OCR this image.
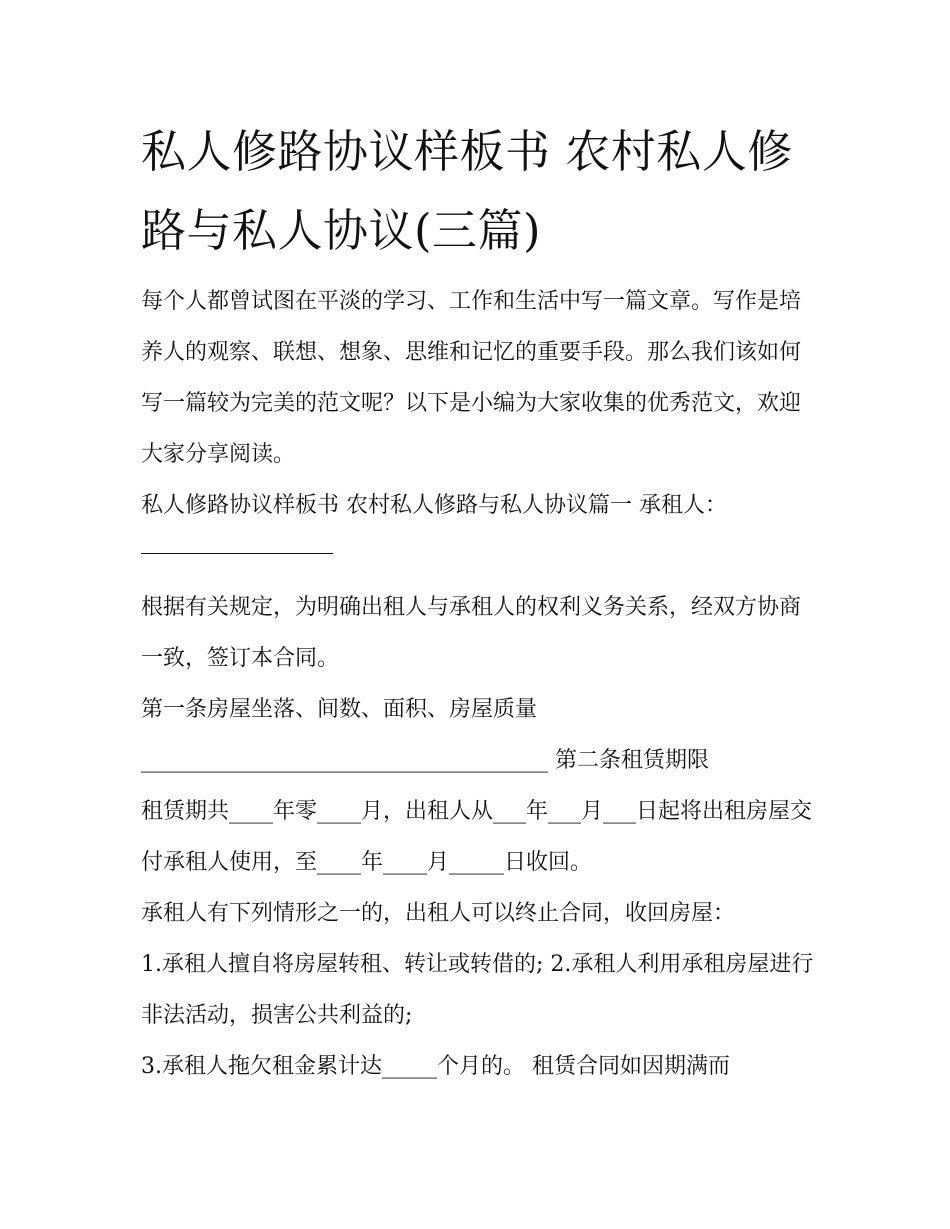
私人修路协议样板书 农村私人修路与私人协议(三篇)

每个人都曾试图在平淡的学习、工作和生活中写一篇文章。写作是培养人的观察、联想、想象、思维和记忆的重要手段。那么我们该如何写一篇较为完美的范文呢？以下是小编为大家收集的优秀范文，欢迎大家分享阅读。

私人修路协议样板书 农村私人修路与私人协议篇一 承租人：

根据有关规定，为明确出租人与承租人的权利义务关系，经双方协商一致，签订本合同。

第一条房屋坐落、间数、面积、房屋质量

_____________________________________ 第二条租赁期限

租赁期共____年零____月，出租人从___年___月___日起将出租房屋交付承租人使用，至____年____月_____日收回。

承租人有下列情形之一的，出租人可以终止合同，收回房屋：

1.承租人擅自将房屋转租、转让或转借的; 2.承租人利用承租房屋进行非法活动，损害公共利益的;

3.承租人拖欠租金累计达_____个月的。 租赁合同如因期满而
